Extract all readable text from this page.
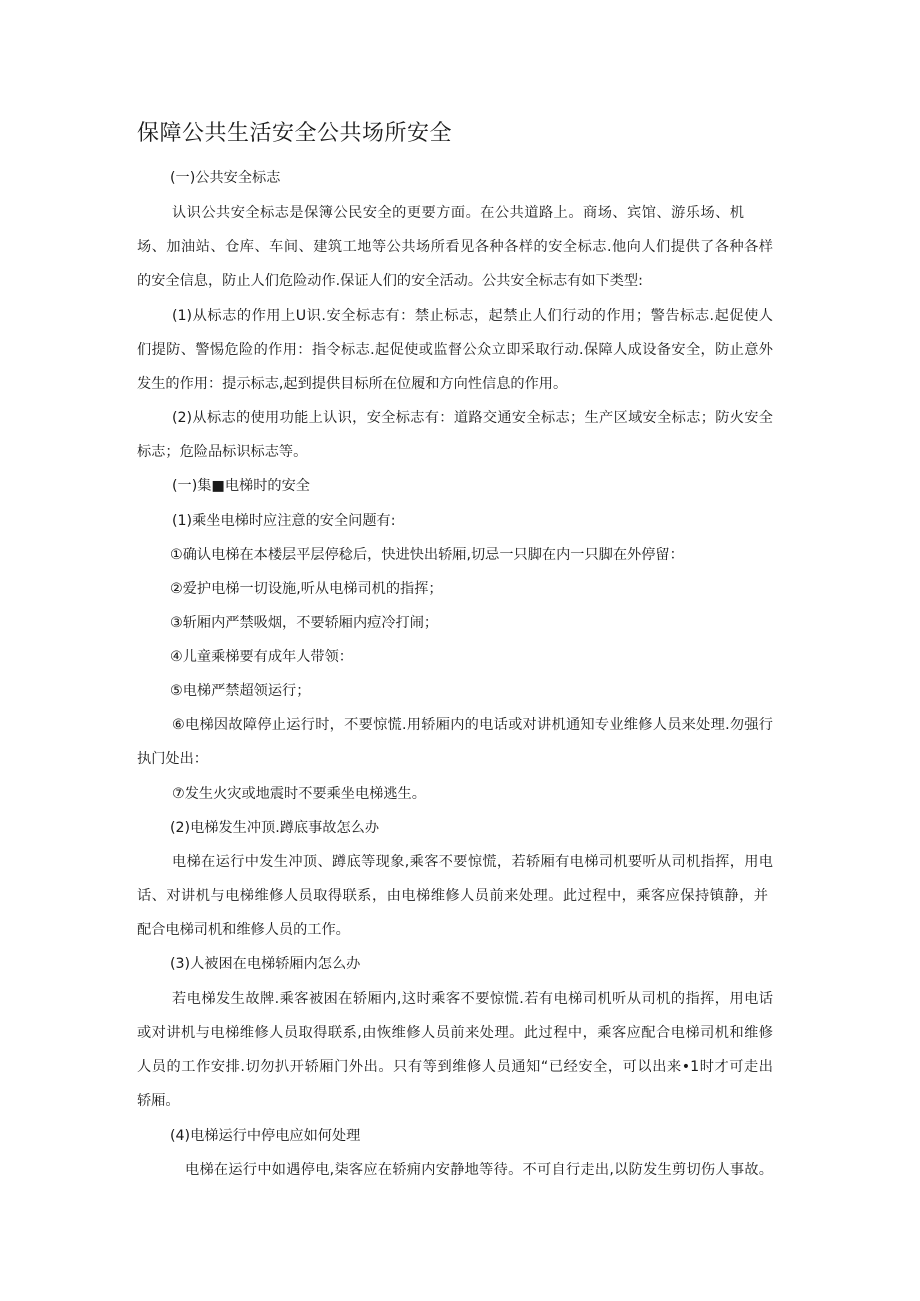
保障公共生活安全公共场所安全

(一)公共安全标志

认识公共安全标志是保簿公民安全的更要方面。在公共道路上。商场、宾馆、游乐场、机

场、加油站、仓库、车间、建筑工地等公共场所看见各种各样的安全标志.他向人们提供了各种各样

的安全信息，防止人们危险动作.保证人们的安全活动。公共安全标志有如下类型:

(1)从标志的作用上U识.安全标志有：禁止标志，起禁止人们行动的作用；警告标志.起促使人

们提防、警惕危险的作用：指令标志.起促使或监督公众立即采取行动.保障人成设备安全，防止意外

发生的作用：提示标志,起到提供目标所在位履和方向性信息的作用。

(2)从标志的使用功能上认识，安全标志有：道路交通安全标志；生产区域安全标志；防火安全

标志；危险品标识标志等。

(一)集■电梯时的安全

(1)乘坐电梯时应注意的安全问题有:

①确认电梯在本楼层平层停稔后，快进快出轿厢,切忌一只脚在内一只脚在外停留：

②爱护电梯一切设施,听从电梯司机的指挥；

③斩厢内严禁吸烟，不要轿厢内痘冷打闹；

④儿童乘梯要有成年人带领：

⑤电梯严禁超领运行；

⑥电梯因故障停止运行时，不要惊慌.用轿厢内的电话或对讲机通知专业维修人员来处理.勿强行

执门处出：

⑦发生火灾或地震时不要乘坐电梯逃生。

(2)电梯发生冲顶.蹲底事故怎么办

电梯在运行中发生冲顶、蹲底等现象,乘客不要惊慌，若轿厢有电梯司机要听从司机指挥，用电

话、对讲机与电梯维修人员取得联系，由电梯维修人员前来处理。此过程中，乘客应保持镇静，并

配合电梯司机和维修人员的工作。

(3)人被困在电梯轿厢内怎么办

若电梯发生故牌.乘客被困在轿厢内,这时乘客不要惊慌.若有电梯司机听从司机的指挥，用电话

或对讲机与电梯维修人员取得联系,由恢维修人员前来处理。此过程中，乘客应配合电梯司机和维修

人员的工作安排.切勿扒开轿厢门外出。只有等到维修人员通知“已经安全，可以出来•1时才可走出

轿厢。

(4)电梯运行中停电应如何处理

电梯在运行中如遇停电,柒客应在轿痈内安静地等待。不可自行走出,以防发生剪切伤人事故。
